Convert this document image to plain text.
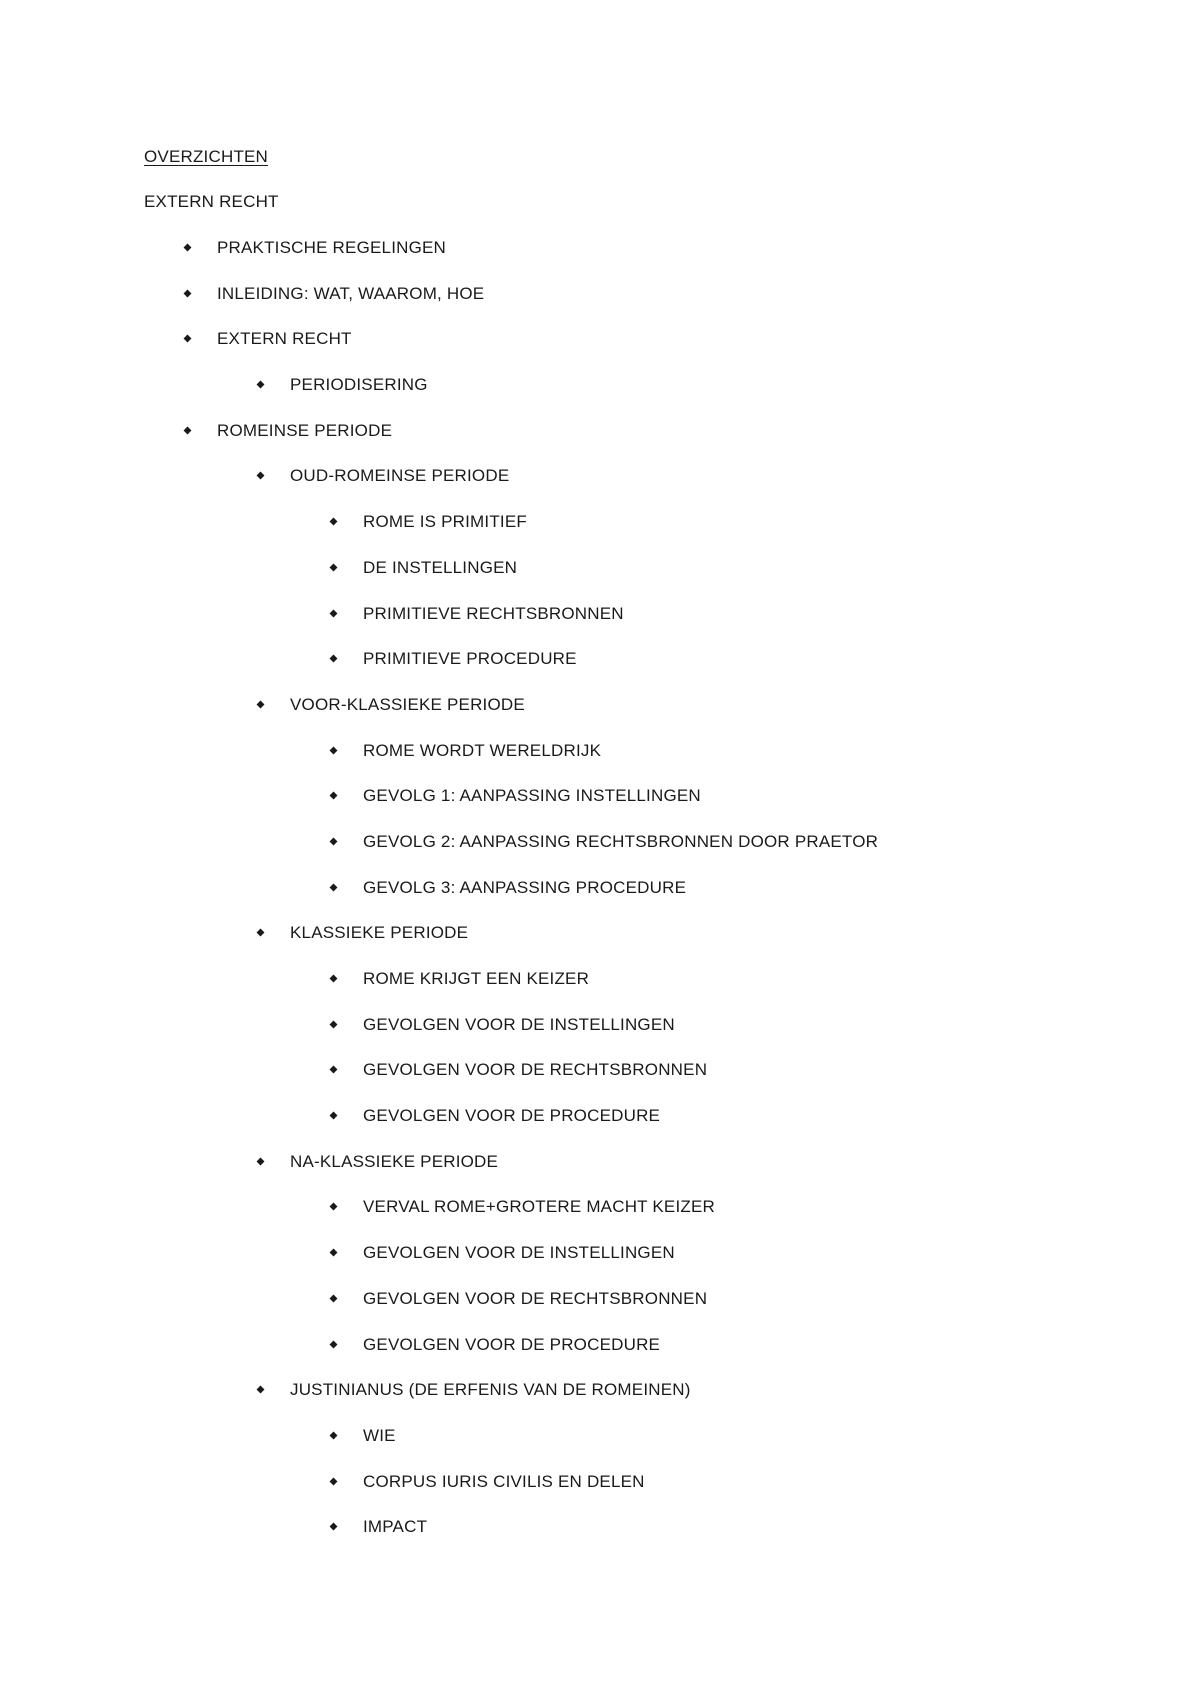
OVERZICHTEN
EXTERN RECHT
PRAKTISCHE REGELINGEN
INLEIDING: WAT, WAAROM, HOE
EXTERN RECHT
PERIODISERING
ROMEINSE PERIODE
OUD-ROMEINSE PERIODE
ROME IS PRIMITIEF
DE INSTELLINGEN
PRIMITIEVE RECHTSBRONNEN
PRIMITIEVE PROCEDURE
VOOR-KLASSIEKE PERIODE
ROME WORDT WERELDRIJK
GEVOLG 1: AANPASSING INSTELLINGEN
GEVOLG 2: AANPASSING RECHTSBRONNEN DOOR PRAETOR
GEVOLG 3: AANPASSING PROCEDURE
KLASSIEKE PERIODE
ROME KRIJGT EEN KEIZER
GEVOLGEN VOOR DE INSTELLINGEN
GEVOLGEN VOOR DE RECHTSBRONNEN
GEVOLGEN VOOR DE PROCEDURE
NA-KLASSIEKE PERIODE
VERVAL ROME+GROTERE MACHT KEIZER
GEVOLGEN VOOR DE INSTELLINGEN
GEVOLGEN VOOR DE RECHTSBRONNEN
GEVOLGEN VOOR DE PROCEDURE
JUSTINIANUS (DE ERFENIS VAN DE ROMEINEN)
WIE
CORPUS IURIS CIVILIS EN DELEN
IMPACT
